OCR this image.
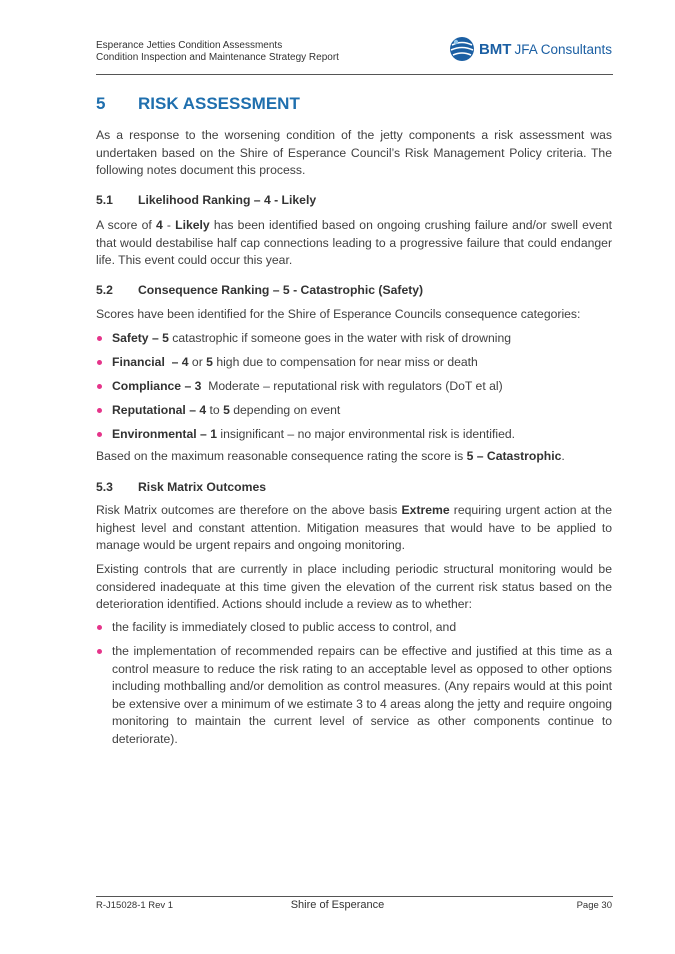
Esperance Jetties Condition Assessments
Condition Inspection and Maintenance Strategy Report	BMT JFA Consultants
5 RISK ASSESSMENT

As a response to the worsening condition of the jetty components a risk assessment was undertaken based on the Shire of Esperance Council’s Risk Management Policy criteria. The following notes document this process.

5.1 Likelihood Ranking – 4 - Likely

A score of 4 - Likely has been identified based on ongoing crushing failure and/or swell event that would destabilise half cap connections leading to a progressive failure that could endanger life. This event could occur this year.

5.2 Consequence Ranking – 5 - Catastrophic (Safety)

Scores have been identified for the Shire of Esperance Councils consequence categories:

Safety – 5 catastrophic if someone goes in the water with risk of drowning
Financial  – 4 or 5 high due to compensation for near miss or death
Compliance – 3  Moderate – reputational risk with regulators (DoT et al)
Reputational – 4 to 5 depending on event
Environmental – 1 insignificant – no major environmental risk is identified.

Based on the maximum reasonable consequence rating the score is 5 – Catastrophic.

5.3 Risk Matrix Outcomes

Risk Matrix outcomes are therefore on the above basis Extreme requiring urgent action at the highest level and constant attention. Mitigation measures that would have to be applied to manage would be urgent repairs and ongoing monitoring.

Existing controls that are currently in place including periodic structural monitoring would be considered inadequate at this time given the elevation of the current risk status based on the deterioration identified. Actions should include a review as to whether:

the facility is immediately closed to public access to control, and
the implementation of recommended repairs can be effective and justified at this time as a control measure to reduce the risk rating to an acceptable level as opposed to other options including mothballing and/or demolition as control measures. (Any repairs would at this point be extensive over a minimum of we estimate 3 to 4 areas along the jetty and require ongoing monitoring to maintain the current level of service as other components continue to deteriorate).
R-J15028-1 Rev 1	Shire of Esperance	Page 30
